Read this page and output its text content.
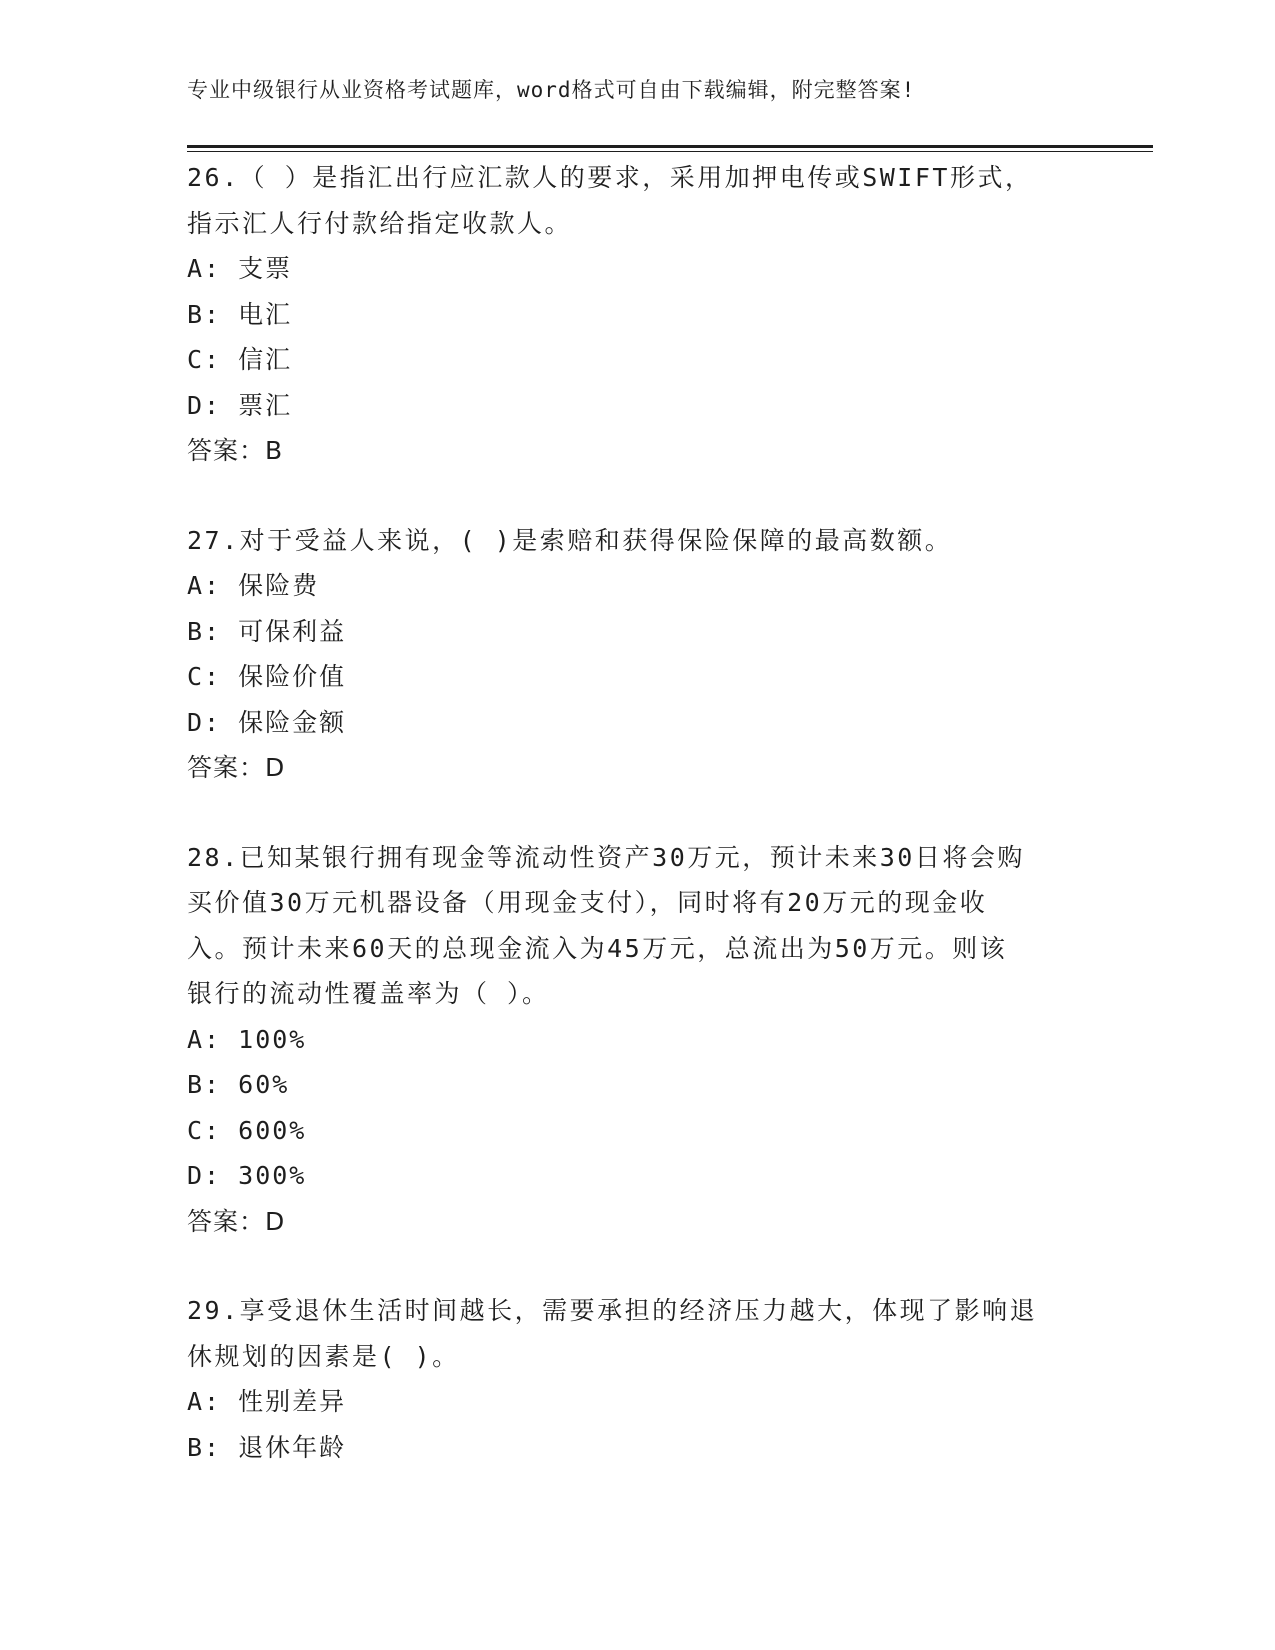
专业中级银行从业资格考试题库，word格式可自由下载编辑，附完整答案!
26.（ ）是指汇出行应汇款人的要求，采用加押电传或SWIFT形式，
指示汇人行付款给指定收款人。
A: 支票
B: 电汇
C: 信汇
D: 票汇
答案：B
27.对于受益人来说，( )是索赔和获得保险保障的最高数额。
A: 保险费
B: 可保利益
C: 保险价值
D: 保险金额
答案：D
28.已知某银行拥有现金等流动性资产30万元，预计未来30日将会购
买价值30万元机器设备（用现金支付），同时将有20万元的现金收
入。预计未来60天的总现金流入为45万元，总流出为50万元。则该
银行的流动性覆盖率为（ ）。
A: 100%
B: 60%
C: 600%
D: 300%
答案：D
29.享受退休生活时间越长，需要承担的经济压力越大，体现了影响退
休规划的因素是( )。
A: 性别差异
B: 退休年龄
